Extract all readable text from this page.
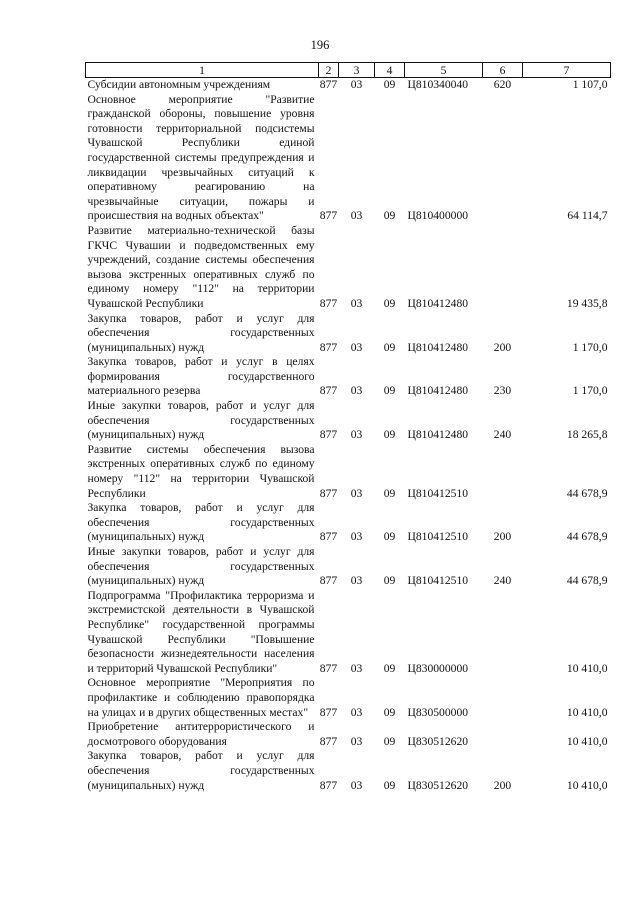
196
1	2	3	4	5	6	7

Субсидии автономным учреждениям	877	03	09	Ц810340040	620	1 107,0

Основное мероприятие "Развитие гражданской обороны, повышение уровня готовности территориальной подсистемы Чувашской Республики единой государственной системы предупреждения и ликвидации чрезвычайных ситуаций к оперативному реагированию на чрезвычайные ситуации, пожары и происшествия на водных объектах"	877	03	09	Ц810400000		64 114,7

Развитие материально-технической базы ГКЧС Чувашии и подведомственных ему учреждений, создание системы обеспечения вызова экстренных оперативных служб по единому номеру "112" на территории Чувашской Республики	877	03	09	Ц810412480		19 435,8

Закупка товаров, работ и услуг для обеспечения государственных (муниципальных) нужд	877	03	09	Ц810412480	200	1 170,0

Закупка товаров, работ и услуг в целях формирования государственного материального резерва	877	03	09	Ц810412480	230	1 170,0

Иные закупки товаров, работ и услуг для обеспечения государственных (муниципальных) нужд	877	03	09	Ц810412480	240	18 265,8

Развитие системы обеспечения вызова экстренных оперативных служб по единому номеру "112" на территории Чувашской Республики	877	03	09	Ц810412510		44 678,9

Закупка товаров, работ и услуг для обеспечения государственных (муниципальных) нужд	877	03	09	Ц810412510	200	44 678,9

Иные закупки товаров, работ и услуг для обеспечения государственных (муниципальных) нужд	877	03	09	Ц810412510	240	44 678,9

Подпрограмма "Профилактика терроризма и экстремистской деятельности в Чувашской Республике" государственной программы Чувашской Республики "Повышение безопасности жизнедеятельности населения и территорий Чувашской Республики"	877	03	09	Ц830000000		10 410,0

Основное мероприятие "Мероприятия по профилактике и соблюдению правопорядка на улицах и в других общественных местах"	877	03	09	Ц830500000		10 410,0

Приобретение антитеррористического и досмотрового оборудования	877	03	09	Ц830512620		10 410,0

Закупка товаров, работ и услуг для обеспечения государственных (муниципальных) нужд	877	03	09	Ц830512620	200	10 410,0
